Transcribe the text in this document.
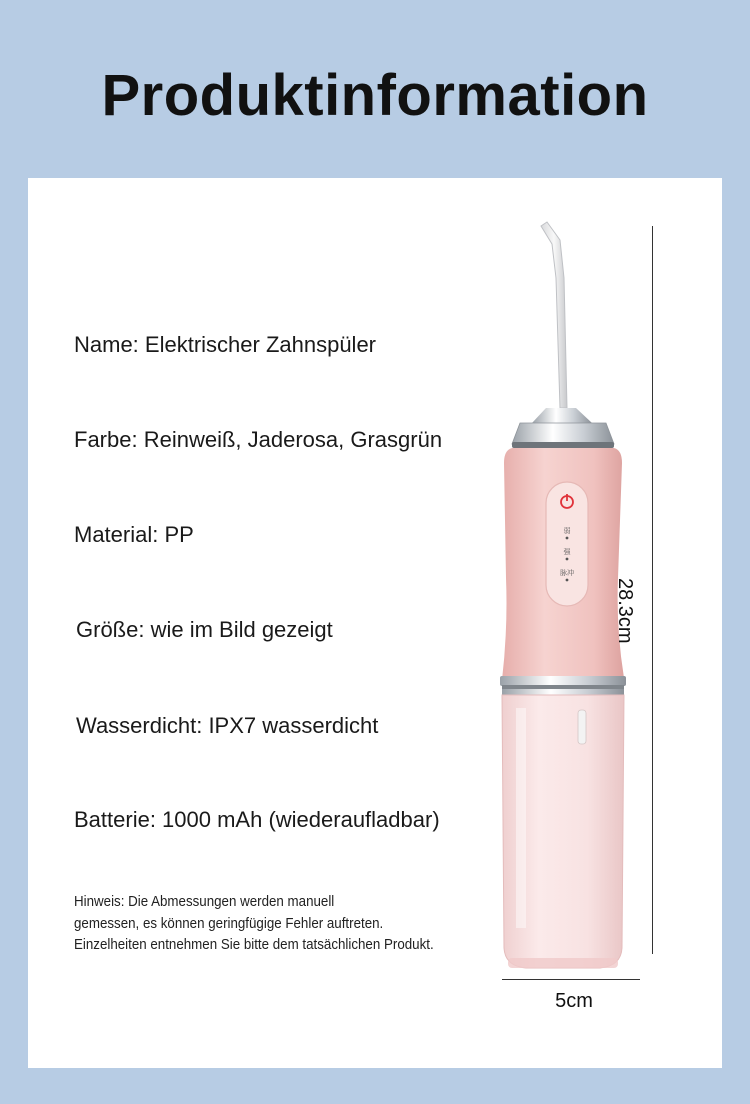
Produktinformation
Name: Elektrischer Zahnspüler
Farbe: Reinweiß, Jaderosa, Grasgrün
Material: PP
Größe: wie im Bild gezeigt
Wasserdicht: IPX7 wasserdicht
Batterie: 1000 mAh (wiederaufladbar)
Hinweis: Die Abmessungen werden manuell
gemessen, es können geringfügige Fehler auftreten.
Einzelheiten entnehmen Sie bitte dem tatsächlichen Produkt.
弱
强
脉冲
28.3cm
5cm
